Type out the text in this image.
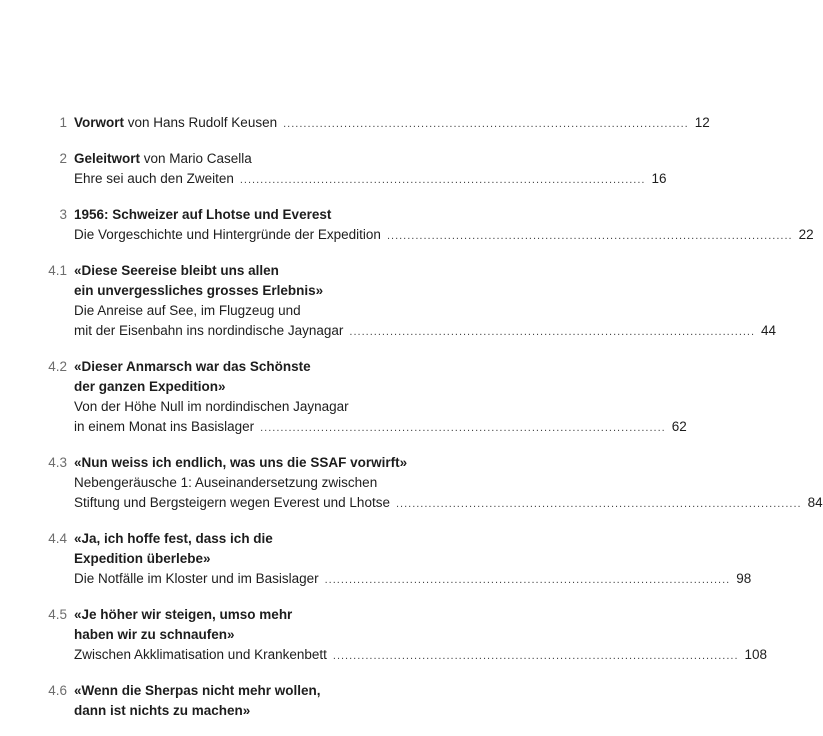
1 Vorwort von Hans Rudolf Keusen .................................................................................................... 12
2 Geleitwort von Mario Casella
Ehre sei auch den Zweiten .................................................................................................... 16
3 1956: Schweizer auf Lhotse und Everest
Die Vorgeschichte und Hintergründe der Expedition .................................................................................................... 22
4.1 «Diese Seereise bleibt uns allen
ein unvergessliches grosses Erlebnis»
Die Anreise auf See, im Flugzeug und
mit der Eisenbahn ins nordindische Jaynagar .................................................................................................... 44
4.2 «Dieser Anmarsch war das Schönste
der ganzen Expedition»
Von der Höhe Null im nordindischen Jaynagar
in einem Monat ins Basislager .................................................................................................... 62
4.3 «Nun weiss ich endlich, was uns die SSAF vorwirft»
Nebengeräusche 1: Auseinandersetzung zwischen
Stiftung und Bergsteigern wegen Everest und Lhotse .................................................................................................... 84
4.4 «Ja, ich hoffe fest, dass ich die
Expedition überlebe»
Die Notfälle im Kloster und im Basislager .................................................................................................... 98
4.5 «Je höher wir steigen, umso mehr
haben wir zu schnaufen»
Zwischen Akklimatisation und Krankenbett .................................................................................................... 108
4.6 «Wenn die Sherpas nicht mehr wollen,
dann ist nichts zu machen»
